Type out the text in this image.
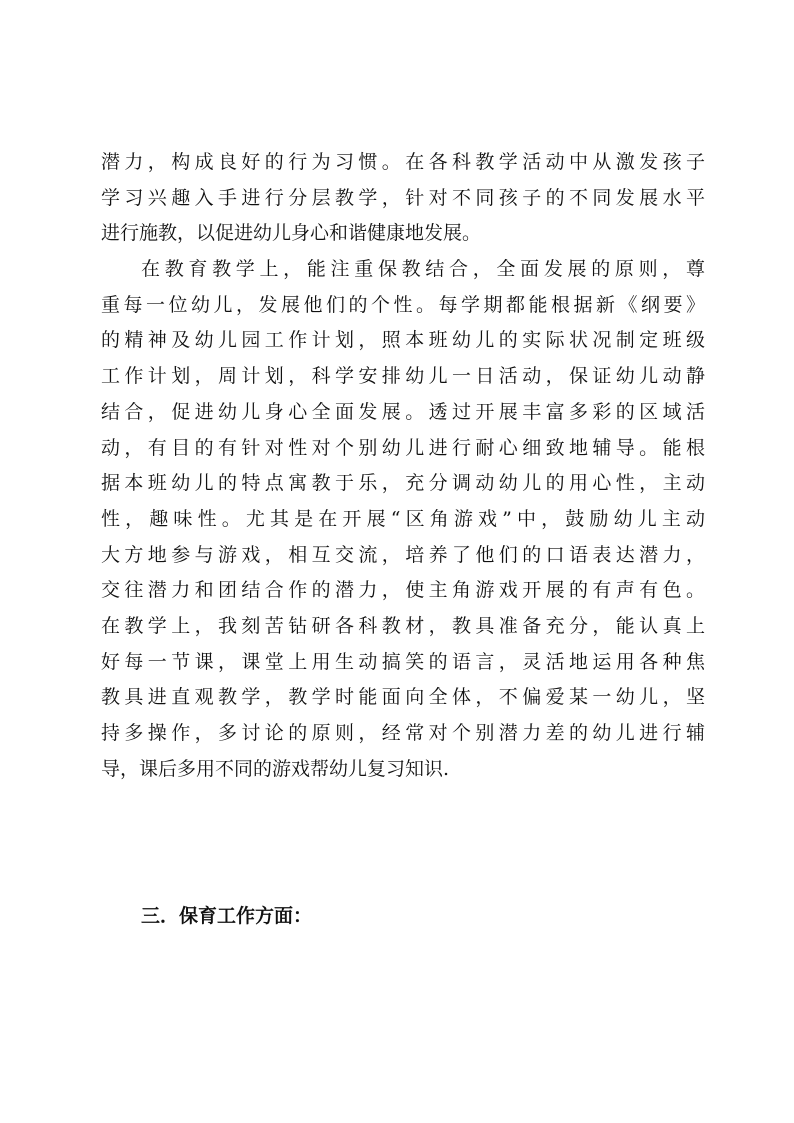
潜力，构成良好的行为习惯。在各科教学活动中从激发孩子
学习兴趣入手进行分层教学，针对不同孩子的不同发展水平
进行施教，以促进幼儿身心和谐健康地发展。
在教育教学上，能注重保教结合，全面发展的原则，尊
重每一位幼儿，发展他们的个性。每学期都能根据新《纲要》
的精神及幼儿园工作计划，照本班幼儿的实际状况制定班级
工作计划，周计划，科学安排幼儿一日活动，保证幼儿动静
结合，促进幼儿身心全面发展。透过开展丰富多彩的区域活
动，有目的有针对性对个别幼儿进行耐心细致地辅导。能根
据本班幼儿的特点寓教于乐，充分调动幼儿的用心性，主动
性，趣味性。尤其是在开展“区角游戏”中，鼓励幼儿主动
大方地参与游戏，相互交流，培养了他们的口语表达潜力，
交往潜力和团结合作的潜力，使主角游戏开展的有声有色。
在教学上，我刻苦钻研各科教材，教具准备充分，能认真上
好每一节课，课堂上用生动搞笑的语言，灵活地运用各种焦
教具进直观教学，教学时能面向全体，不偏爱某一幼儿，坚
持多操作，多讨论的原则，经常对个别潜力差的幼儿进行辅
导，课后多用不同的游戏帮幼儿复习知识.
三．保育工作方面：
